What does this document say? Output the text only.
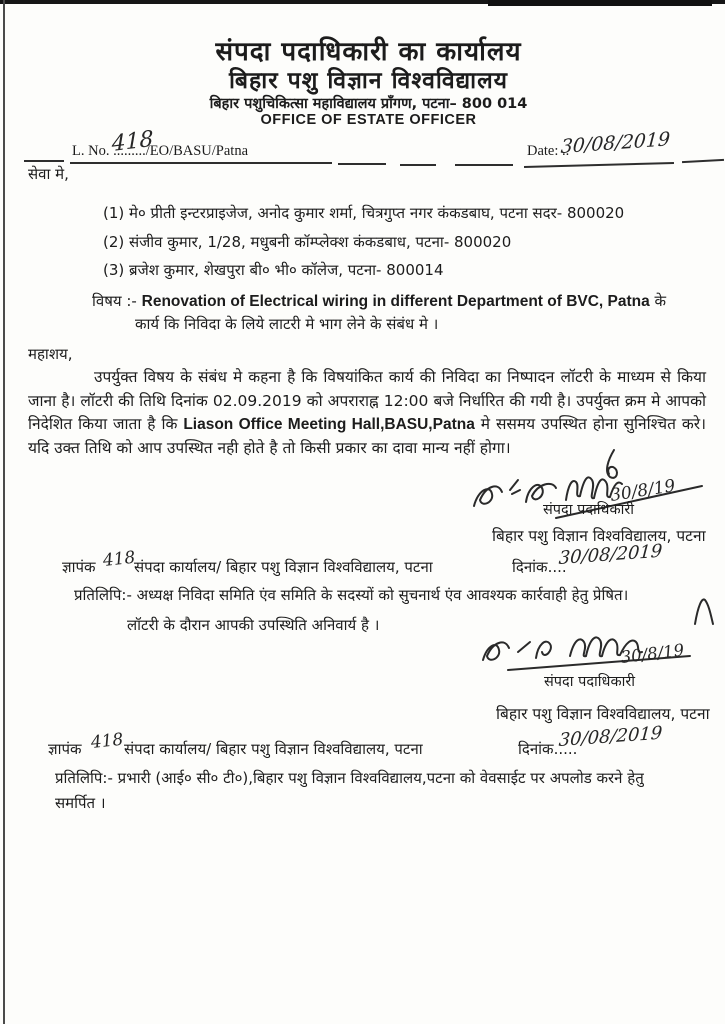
संपदा पदाधिकारी का कार्यालय
बिहार पशु विज्ञान विश्वविद्यालय
बिहार पशुचिकित्सा महाविद्यालय प्राँगण, पटना– 800 014
OFFICE OF ESTATE OFFICER
L. No. ........./EO/BASU/Patna
418	Date: ..
30/08/2019
सेवा मे,
(1) मे० प्रीती इन्टरप्राइजेज, अनोद कुमार शर्मा, चित्रगुप्त नगर कंकडबाघ, पटना सदर- 800020
(2) संजीव कुमार, 1/28, मधुबनी कॉम्प्लेक्श कंकडबाध, पटना- 800020
(3) ब्रजेश कुमार, शेखपुरा बी० भी० कॉलेज, पटना- 800014
विषय :- Renovation of Electrical wiring in different Department of BVC, Patna के
कार्य कि निविदा के लिये लाटरी मे भाग लेने के संबंध मे ।
महाशय,
उपर्युक्त विषय के संबंध मे कहना है कि विषयांकित कार्य की निविदा का निष्पादन लॉटरी के माध्यम से किया जाना है। लॉटरी की तिथि दिनांक 02.09.2019 को अपराराह्न 12:00 बजे निर्धारित की गयी है। उपर्युक्त क्रम मे आपको निदेशित किया जाता है कि Liason Office Meeting Hall,BASU,Patna मे ससमय उपस्थित होना सुनिश्चित करे। यदि उक्त तिथि को आप उपस्थित नही होते है तो किसी प्रकार का दावा मान्य नहीं होगा।
30/8/19
संपदा पदाधिकारी
बिहार पशु विज्ञान विश्वविद्यालय, पटना
ज्ञापंक 418
संपदा कार्यालय/ बिहार पशु विज्ञान विश्वविद्यालय, पटना	दिनांक....
30/08/2019
प्रतिलिपि:- अध्यक्ष निविदा समिति एंव समिति के सदस्यों को सुचनार्थ एंव आवश्यक कार्रवाही हेतु प्रेषित।
लॉटरी के दौरान आपकी उपस्थिति अनिवार्य है ।
30/8/19
संपदा पदाधिकारी
बिहार पशु विज्ञान विश्वविद्यालय, पटना
ज्ञापंक 418 संपदा कार्यालय/ बिहार पशु विज्ञान विश्वविद्यालय, पटना	दिनांक.....
30/08/2019
प्रतिलिपि:- प्रभारी (आई० सी० टी०),बिहार पशु विज्ञान विश्वविद्यालय,पटना को वेवसाईट पर अपलोड करने हेतु समर्पित ।
